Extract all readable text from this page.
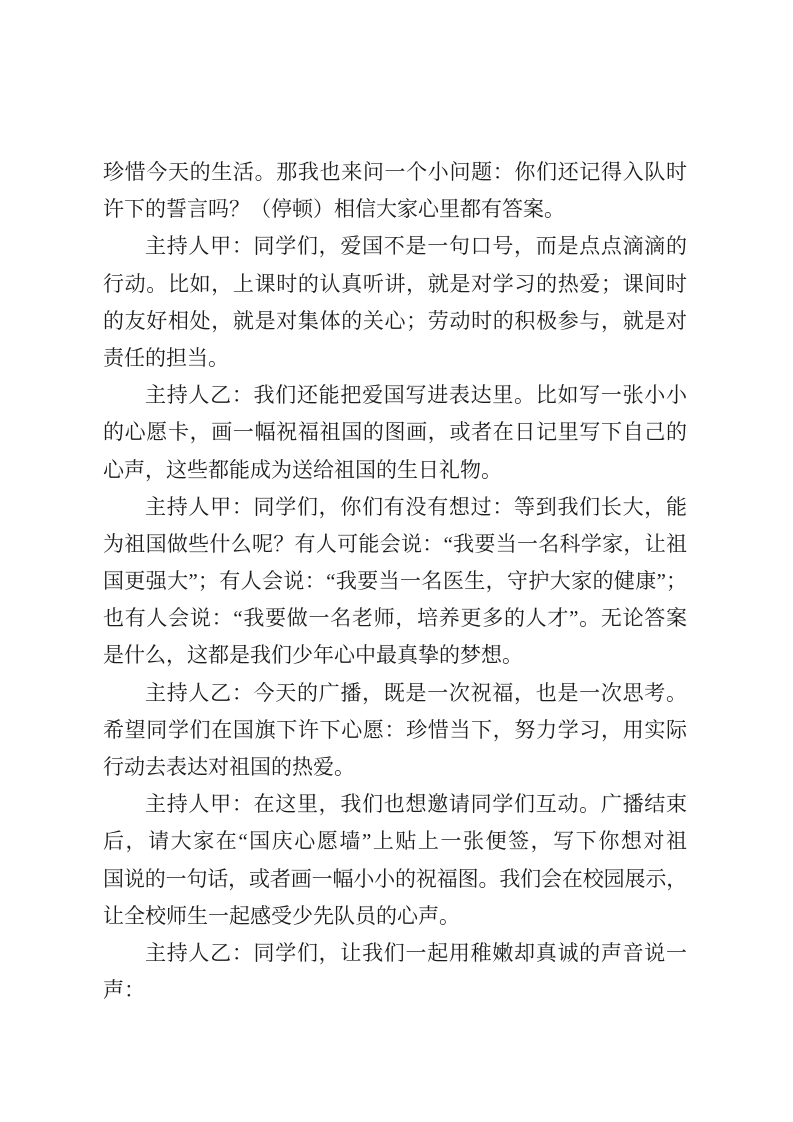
珍惜今天的生活。那我也来问一个小问题：你们还记得入队时
许下的誓言吗？（停顿）相信大家心里都有答案。
主持人甲：同学们，爱国不是一句口号，而是点点滴滴的
行动。比如，上课时的认真听讲，就是对学习的热爱；课间时
的友好相处，就是对集体的关心；劳动时的积极参与，就是对
责任的担当。
主持人乙：我们还能把爱国写进表达里。比如写一张小小
的心愿卡，画一幅祝福祖国的图画，或者在日记里写下自己的
心声，这些都能成为送给祖国的生日礼物。
主持人甲：同学们，你们有没有想过：等到我们长大，能
为祖国做些什么呢？有人可能会说：“我要当一名科学家，让祖
国更强大”；有人会说：“我要当一名医生，守护大家的健康”；
也有人会说：“我要做一名老师，培养更多的人才”。无论答案
是什么，这都是我们少年心中最真挚的梦想。
主持人乙：今天的广播，既是一次祝福，也是一次思考。
希望同学们在国旗下许下心愿：珍惜当下，努力学习，用实际
行动去表达对祖国的热爱。
主持人甲：在这里，我们也想邀请同学们互动。广播结束
后，请大家在“国庆心愿墙”上贴上一张便签，写下你想对祖
国说的一句话，或者画一幅小小的祝福图。我们会在校园展示，
让全校师生一起感受少先队员的心声。
主持人乙：同学们，让我们一起用稚嫩却真诚的声音说一
声：
